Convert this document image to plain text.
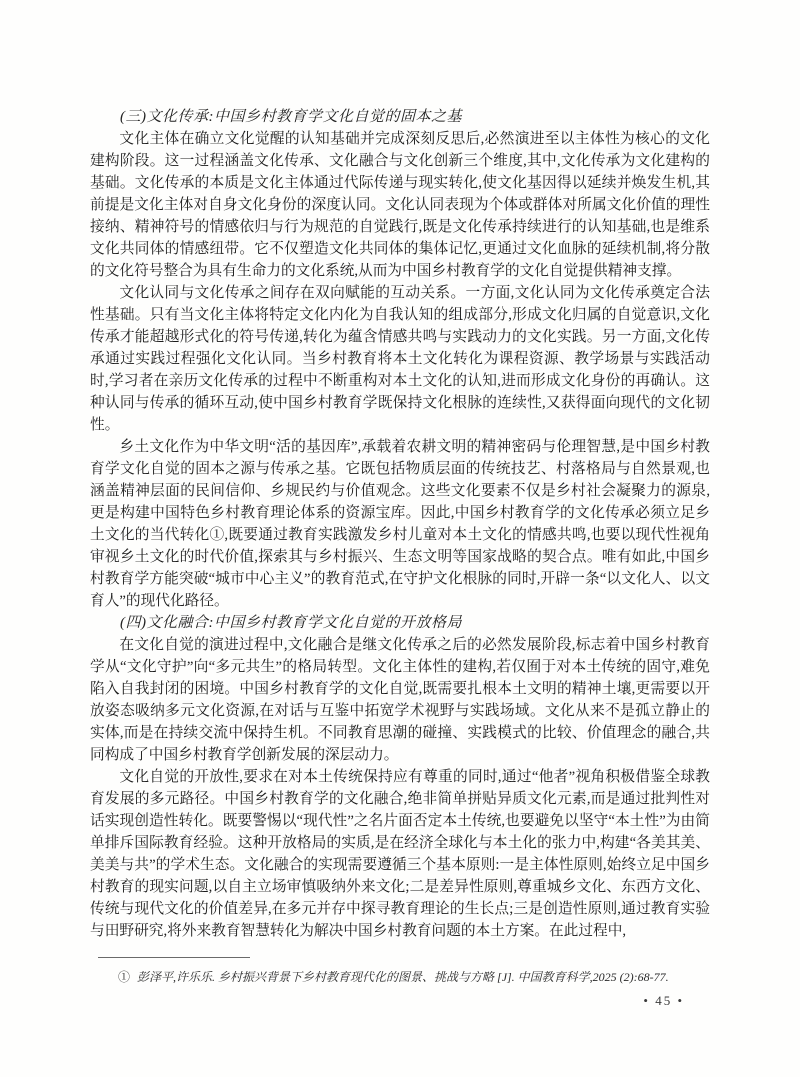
(三)文化传承:中国乡村教育学文化自觉的固本之基

文化主体在确立文化觉醒的认知基础并完成深刻反思后,必然演进至以主体性为核心的文化建构阶段。这一过程涵盖文化传承、文化融合与文化创新三个维度,其中,文化传承为文化建构的基础。文化传承的本质是文化主体通过代际传递与现实转化,使文化基因得以延续并焕发生机,其前提是文化主体对自身文化身份的深度认同。文化认同表现为个体或群体对所属文化价值的理性接纳、精神符号的情感依归与行为规范的自觉践行,既是文化传承持续进行的认知基础,也是维系文化共同体的情感纽带。它不仅塑造文化共同体的集体记忆,更通过文化血脉的延续机制,将分散的文化符号整合为具有生命力的文化系统,从而为中国乡村教育学的文化自觉提供精神支撑。

文化认同与文化传承之间存在双向赋能的互动关系。一方面,文化认同为文化传承奠定合法性基础。只有当文化主体将特定文化内化为自我认知的组成部分,形成文化归属的自觉意识,文化传承才能超越形式化的符号传递,转化为蕴含情感共鸣与实践动力的文化实践。另一方面,文化传承通过实践过程强化文化认同。当乡村教育将本土文化转化为课程资源、教学场景与实践活动时,学习者在亲历文化传承的过程中不断重构对本土文化的认知,进而形成文化身份的再确认。这种认同与传承的循环互动,使中国乡村教育学既保持文化根脉的连续性,又获得面向现代的文化韧性。

乡土文化作为中华文明“活的基因库”,承载着农耕文明的精神密码与伦理智慧,是中国乡村教育学文化自觉的固本之源与传承之基。它既包括物质层面的传统技艺、村落格局与自然景观,也涵盖精神层面的民间信仰、乡规民约与价值观念。这些文化要素不仅是乡村社会凝聚力的源泉,更是构建中国特色乡村教育理论体系的资源宝库。因此,中国乡村教育学的文化传承必须立足乡土文化的当代转化①,既要通过教育实践激发乡村儿童对本土文化的情感共鸣,也要以现代性视角审视乡土文化的时代价值,探索其与乡村振兴、生态文明等国家战略的契合点。唯有如此,中国乡村教育学方能突破“城市中心主义”的教育范式,在守护文化根脉的同时,开辟一条“以文化人、以文育人”的现代化路径。

(四)文化融合:中国乡村教育学文化自觉的开放格局

在文化自觉的演进过程中,文化融合是继文化传承之后的必然发展阶段,标志着中国乡村教育学从“文化守护”向“多元共生”的格局转型。文化主体性的建构,若仅囿于对本土传统的固守,难免陷入自我封闭的困境。中国乡村教育学的文化自觉,既需要扎根本土文明的精神土壤,更需要以开放姿态吸纳多元文化资源,在对话与互鉴中拓宽学术视野与实践场域。文化从来不是孤立静止的实体,而是在持续交流中保持生机。不同教育思潮的碰撞、实践模式的比较、价值理念的融合,共同构成了中国乡村教育学创新发展的深层动力。

文化自觉的开放性,要求在对本土传统保持应有尊重的同时,通过“他者”视角积极借鉴全球教育发展的多元路径。中国乡村教育学的文化融合,绝非简单拼贴异质文化元素,而是通过批判性对话实现创造性转化。既要警惕以“现代性”之名片面否定本土传统,也要避免以坚守“本土性”为由简单排斥国际教育经验。这种开放格局的实质,是在经济全球化与本土化的张力中,构建“各美其美、美美与共”的学术生态。文化融合的实现需要遵循三个基本原则:一是主体性原则,始终立足中国乡村教育的现实问题,以自主立场审慎吸纳外来文化;二是差异性原则,尊重城乡文化、东西方文化、传统与现代文化的价值差异,在多元并存中探寻教育理论的生长点;三是创造性原则,通过教育实验与田野研究,将外来教育智慧转化为解决中国乡村教育问题的本土方案。在此过程中,

① 彭泽平,许乐乐. 乡村振兴背景下乡村教育现代化的图景、挑战与方略 [J]. 中国教育科学,2025 (2):68-77.
• 45 •
